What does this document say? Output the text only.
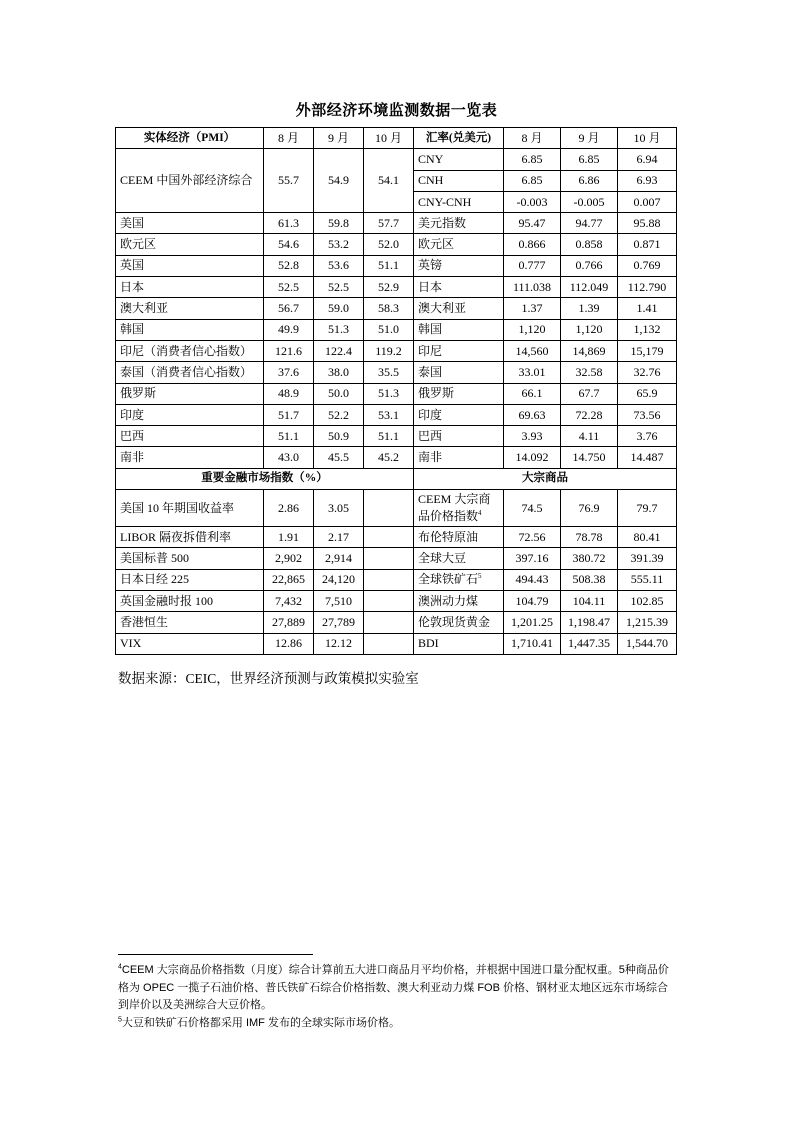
外部经济环境监测数据一览表
实体经济（PMI）	8 月	9 月	10 月	汇率(兑美元)	8 月	9 月	10 月
CEEM 中国外部经济综合	55.7	54.9	54.1	CNY	6.85	6.85	6.94
				CNH	6.85	6.86	6.93
				CNY-CNH	-0.003	-0.005	0.007
美国	61.3	59.8	57.7	美元指数	95.47	94.77	95.88
欧元区	54.6	53.2	52.0	欧元区	0.866	0.858	0.871
英国	52.8	53.6	51.1	英镑	0.777	0.766	0.769
日本	52.5	52.5	52.9	日本	111.038	112.049	112.790
澳大利亚	56.7	59.0	58.3	澳大利亚	1.37	1.39	1.41
韩国	49.9	51.3	51.0	韩国	1,120	1,120	1,132
印尼（消费者信心指数）	121.6	122.4	119.2	印尼	14,560	14,869	15,179
泰国（消费者信心指数）	37.6	38.0	35.5	泰国	33.01	32.58	32.76
俄罗斯	48.9	50.0	51.3	俄罗斯	66.1	67.7	65.9
印度	51.7	52.2	53.1	印度	69.63	72.28	73.56
巴西	51.1	50.9	51.1	巴西	3.93	4.11	3.76
南非	43.0	45.5	45.2	南非	14.092	14.750	14.487
重要金融市场指数（%）				大宗商品			
美国 10 年期国收益率	2.86	3.05		CEEM 大宗商品价格指数$^4$	74.5	76.9	79.7
LIBOR 隔夜拆借利率	1.91	2.17		布伦特原油	72.56	78.78	80.41
美国标普 500	2,902	2,914		全球大豆	397.16	380.72	391.39
日本日经 225	22,865	24,120		全球铁矿石$^5$	494.43	508.38	555.11
英国金融时报 100	7,432	7,510		澳洲动力煤	104.79	104.11	102.85
香港恒生	27,889	27,789		伦敦现货黄金	1,201.25	1,198.47	1,215.39
VIX	12.86	12.12		BDI	1,710.41	1,447.35	1,544.70
数据来源：CEIC，世界经济预测与政策模拟实验室

$^4$CEEM 大宗商品价格指数（月度）综合计算前五大进口商品月平均价格，并根据中国进口量分配权重。5种商品价格为 OPEC 一揽子石油价格、普氏铁矿石综合价格指数、澳大利亚动力煤 FOB 价格、钢材亚太地区远东市场综合到岸价以及美洲综合大豆价格。

$^5$大豆和铁矿石价格都采用 IMF 发布的全球实际市场价格。
